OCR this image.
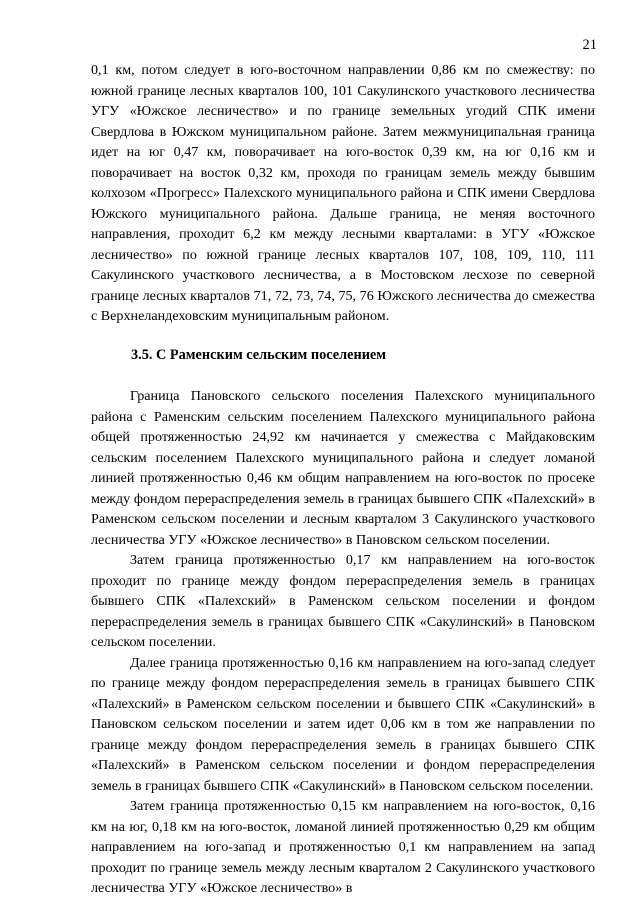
21

0,1 км, потом следует в юго-восточном направлении 0,86 км по смежеству: по южной границе лесных кварталов 100, 101 Сакулинского участкового лесничества УГУ «Южское лесничество» и по границе земельных угодий СПК имени Свердлова в Южском муниципальном районе. Затем межмуниципальная граница идет на юг 0,47 км, поворачивает на юго-восток 0,39 км, на юг 0,16 км и поворачивает на восток 0,32 км, проходя по границам земель между бывшим колхозом «Прогресс» Палехского муниципального района и СПК имени Свердлова Южского муниципального района. Дальше граница, не меняя восточного направления, проходит 6,2 км между лесными кварталами: в УГУ «Южское лесничество» по южной границе лесных кварталов 107, 108, 109, 110, 111 Сакулинского участкового лесничества, а в Мостовском лесхозе по северной границе лесных кварталов 71, 72, 73, 74, 75, 76 Южского лесничества до смежества с Верхнеландеховским муниципальным районом.

3.5. С Раменским сельским поселением

Граница Пановского сельского поселения Палехского муниципального района с Раменским сельским поселением Палехского муниципального района общей протяженностью 24,92 км начинается у смежества с Майдаковским сельским поселением Палехского муниципального района и следует ломаной линией протяженностью 0,46 км общим направлением на юго-восток по просеке между фондом перераспределения земель в границах бывшего СПК «Палехский» в Раменском сельском поселении и лесным кварталом 3 Сакулинского участкового лесничества УГУ «Южское лесничество» в Пановском сельском поселении.

Затем граница протяженностью 0,17 км направлением на юго-восток проходит по границе между фондом перераспределения земель в границах бывшего СПК «Палехский» в Раменском сельском поселении и фондом перераспределения земель в границах бывшего СПК «Сакулинский» в Пановском сельском поселении.

Далее граница протяженностью 0,16 км направлением на юго-запад следует по границе между фондом перераспределения земель в границах бывшего СПК «Палехский» в Раменском сельском поселении и бывшего СПК «Сакулинский» в Пановском сельском поселении и затем идет 0,06 км в том же направлении по границе между фондом перераспределения земель в границах бывшего СПК «Палехский» в Раменском сельском поселении и фондом перераспределения земель в границах бывшего СПК «Сакулинский» в Пановском сельском поселении.

Затем граница протяженностью 0,15 км направлением на юго-восток, 0,16 км на юг, 0,18 км на юго-восток, ломаной линией протяженностью 0,29 км общим направлением на юго-запад и протяженностью 0,1 км направлением на запад проходит по границе земель между лесным кварталом 2 Сакулинского участкового лесничества УГУ «Южское лесничество» в
